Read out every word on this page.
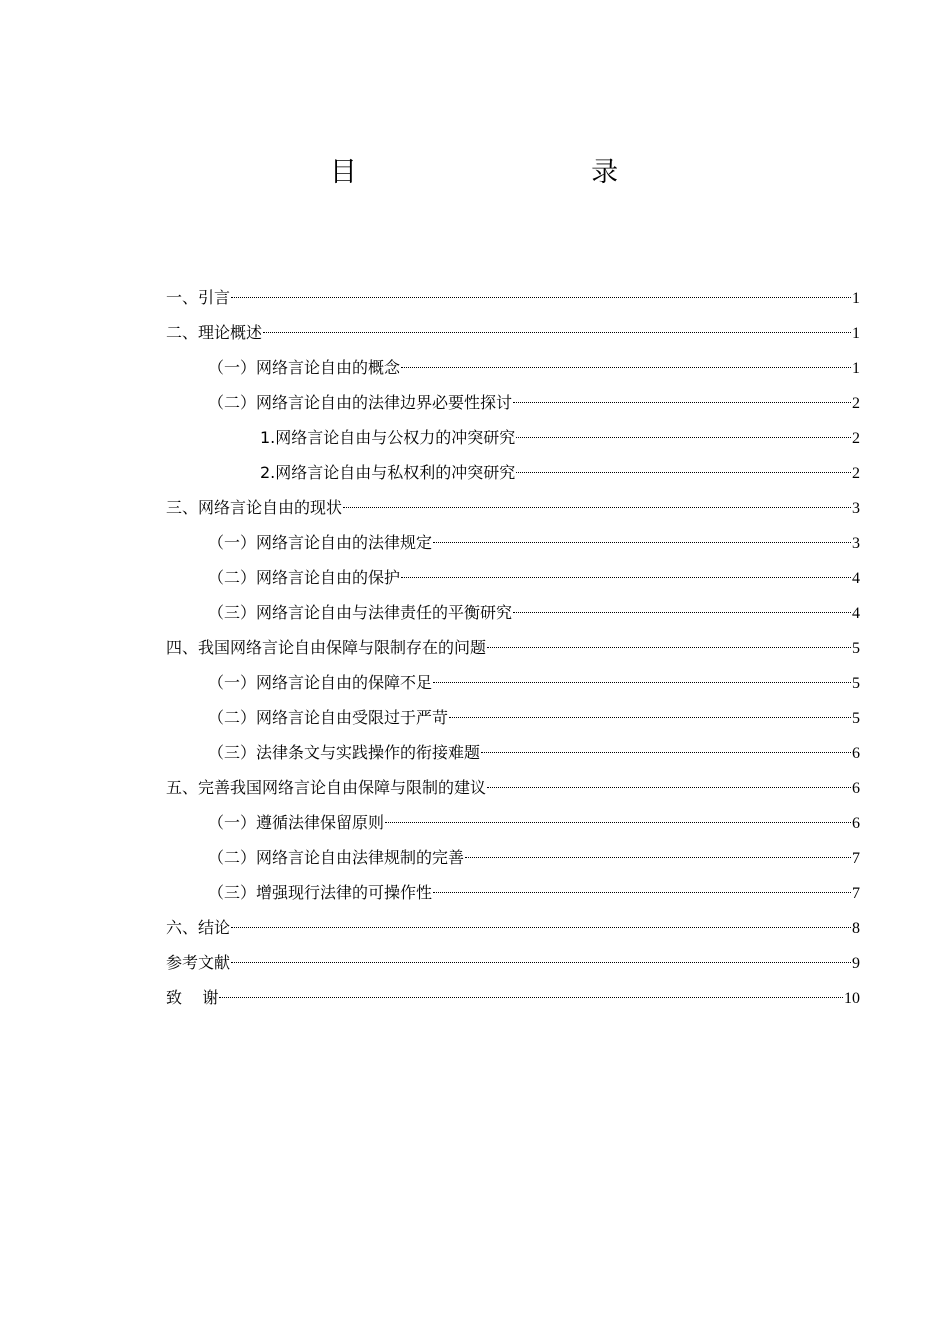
目    录
一、引言	1
二、理论概述	1
（一）网络言论自由的概念	1
（二）网络言论自由的法律边界必要性探讨	2
1.网络言论自由与公权力的冲突研究	2
2.网络言论自由与私权利的冲突研究	2
三、网络言论自由的现状	3
（一）网络言论自由的法律规定	3
（二）网络言论自由的保护	4
（三）网络言论自由与法律责任的平衡研究	4
四、我国网络言论自由保障与限制存在的问题	5
（一）网络言论自由的保障不足	5
（二）网络言论自由受限过于严苛	5
（三）法律条文与实践操作的衔接难题	6
五、完善我国网络言论自由保障与限制的建议	6
（一）遵循法律保留原则	6
（二）网络言论自由法律规制的完善	7
（三）增强现行法律的可操作性	7
六、结论	8
参考文献	9
致    谢	10
